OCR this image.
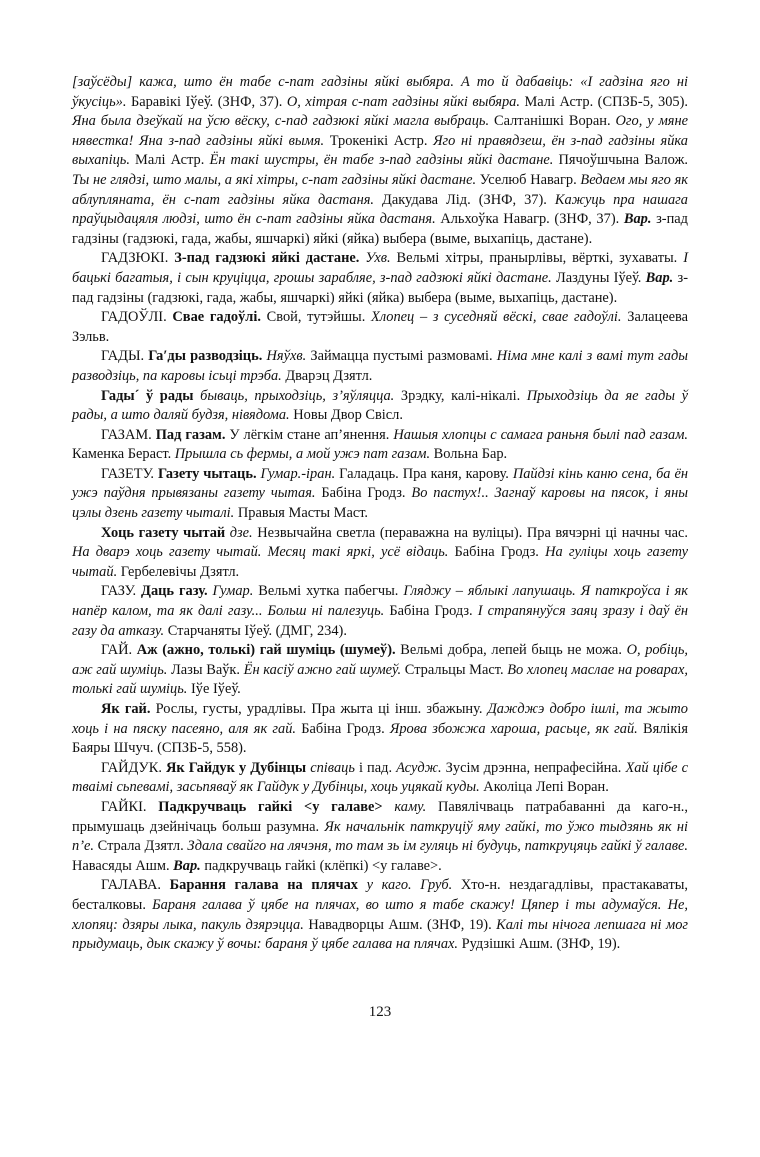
[заўсёды] кажа, што ён табе с-пат гадзіны яйкі выбяра. А то й дабавіць: «І гадзіна яго ні ўкусіць». Баравікі Іўеў. (ЗНФ, 37). О, хітрая с-пат гадзіны яйкі выбяра. Малі Астр. (СПЗБ-5, 305). Яна была дзеўкай на ўсю вёску, с-пад гадзюкі яйкі магла выбраць. Салтанішкі Воран. Ого, у мяне нявестка! Яна з-пад гадзіны яйкі вымя. Трокенікі Астр. Яго ні правядзеш, ён з-пад гадзіны яйка выхапіць. Малі Астр. Ён такі шустры, ён табе з-пад гадзіны яйкі дастане. Пячоўшчына Валож. Ты не глядзі, што малы, а які хітры, с-пат гадзіны яйкі дастане. Уселюб Навагр. Ведаем мы яго як аблупляната, ён с-пат гадзіны яйка дастаня. Дакудава Лід. (ЗНФ, 37). Кажуць пра нашага праўцыдацяля людзі, што ён с-пат гадзіны яйка дастаня. Альхоўка Навагр. (ЗНФ, 37). Вар. з-пад гадзіны (гадзюкі, гада, жабы, яшчаркі) яйкі (яйка) выбера (выме, выхапіць, дастане).

ГАДЗЮКІ. З-пад гадзюкі яйкі дастане. Ухв. Вельмі хітры, пранырлівы, вёрткі, зухаваты. І бацькі багатыя, і сын круціцца, грошы зарабляе, з-пад гадзюкі яйкі дастане. Лаздуны Іўеў. Вар. з-пад гадзіны (гадзюкі, гада, жабы, яшчаркі) яйкі (яйка) выбера (выме, выхапіць, дастане).

ГАДОЎЛІ. Свае гадоўлі. Свой, тутэйшы. Хлопец – з суседняй вёскі, свае гадоўлі. Залацеева Зэльв.

ГАДЫ. Гаʹды разводзіць. Няўхв. Займацца пустымі размовамі. Німа мне калі з вамі тут гады разводзіць, па каровы ісьці трэба. Дварэц Дзятл.

Гады´ ў рады бываць, прыходзіць, з’яўляцца. Зрэдку, калі-нікалі. Прыходзіць да яе гады ў рады, а што даляй будзя, нівядома. Новы Двор Свісл.

ГАЗАМ. Пад газам. У лёгкім стане ап’янення. Нашыя хлопцы с самага раньня былі пад газам. Каменка Бераст. Прышла сь фермы, а мой ужэ пат газам. Вольна Бар.

ГАЗЕТУ. Газету чытаць. Гумар.-іран. Галадаць. Пра каня, карову. Пайдзі кінь каню сена, ба ён ужэ паўдня прывязаны газету чытая. Бабіна Гродз. Во пастух!.. Загнаў каровы на пясок, і яны цэлы дзень газету чыталі. Правыя Масты Маст.

Хоць газету чытай дзе. Незвычайна светла (пераважна на вуліцы). Пра вячэрні ці начны час. На дварэ хоць газету чытай. Месяц такі яркі, усё відаць. Бабіна Гродз. На гуліцы хоць газету чытай. Гербелевічы Дзятл.

ГАЗУ. Даць газу. Гумар. Вельмі хутка пабегчы. Гляджу – яблыкі лапушаць. Я паткроўса і як напёр калом, та як далі газу... Больш ні палезуць. Бабіна Гродз. І страпянуўся заяц зразу і даў ён газу да атказу. Старчаняты Іўеў. (ДМГ, 234).

ГАЙ. Аж (ажно, толькі) гай шуміць (шумеў). Вельмі добра, лепей быць не можа. О, робіць, аж гай шуміць. Лазы Ваўк. Ён касіў ажно гай шумеў. Стральцы Маст. Во хлопец маслае на роварах, толькі гай шуміць. Іўе Іўеў.

Як гай. Рослы, густы, урадлівы. Пра жыта ці інш. збажыну. Дажджэ добро ішлі, та жыто хоць і на пяску пасеяно, аля як гай. Бабіна Гродз. Ярова збожжа хароша, расьце, як гай. Вялікія Баяры Шчуч. (СПЗБ-5, 558).

ГАЙДУК. Як Гайдук у Дубінцы співаць і пад. Асудж. Зусім дрэнна, непрафесійна. Хай цібе с тваімі сьпевамі, засьпяваў як Гайдук у Дубінцы, хоць уцякай куды. Аколіца Лепі Воран.

ГАЙКІ. Падкручваць гайкі <у галаве> каму. Павялічваць патрабаванні да каго-н., прымушаць дзейнічаць больш разумна. Як начальнік паткруціў яму гайкі, то ўжо тыдзянь як ні п’е. Страла Дзятл. Здала свайго на лячэня, то там зь ім гуляць ні будуць, паткруцяць гайкі ў галаве. Навасяды Ашм. Вар. падкручваць гайкі (клёпкі) <у галаве>.

ГАЛАВА. Барання галава на плячах у каго. Груб. Хто-н. нездагадлівы, прастакаваты, бесталковы. Бараня галава ў цябе на плячах, во што я табе скажу! Цяпер і ты адумаўся. Не, хлопяц: дзяры лыка, пакуль дзярэцца. Навадворцы Ашм. (ЗНФ, 19). Калі ты нічога лепшага ні мог прыдумаць, дык скажу ў вочы: бараня ў цябе галава на плячах. Рудзішкі Ашм. (ЗНФ, 19).

123
